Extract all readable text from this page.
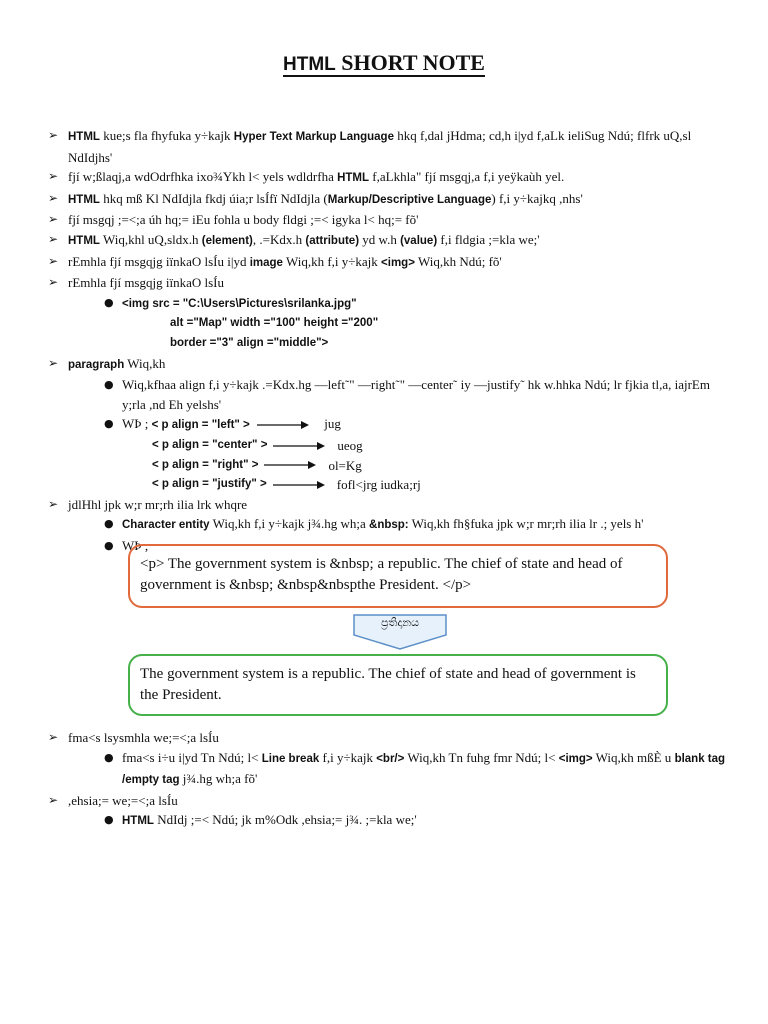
HTML SHORT NOTE
➢ HTML kue;s fla fhyfuka y÷kajk Hyper Text Markup Language hkq f,dal jHdma; cd,h i|yd f,aLk ieliSug Ndú; flfrk uQ,sl NdIdjhs'
➢ fjí w;ßlaqj,a wdOdrfhka ixo¾Ykh l< yels wdldrfha HTML f,aLkhla" fjí msgqj,a f,i yeÿkaùh yel.
➢ HTML hkq mß Kl NdIdjla fkdj úia;r lsÍfï NdIdjla (Markup/Descriptive Language) f,i y÷kajkq ,nhs'
➢ fjí msgqj ;=<;a úh hq;= iEu fohla u body fldgi ;=< igyka l< hq;= fõ'
➢ HTML Wiq,khl uQ,sldx.h (element), .=Kdx.h (attribute) yd w.h (value) f,i fldgia ;=kla we;'
➢ rEmhla fjí msgqjg iïnkaO lsÍu i|yd image Wiq,kh f,i y÷kajk <img> Wiq,kh Ndú; fõ'
➢ rEmhla fjí msgqjg iïnkaO lsÍu
● <img src = "C:\Users\Pictures\srilanka.jpg"
alt ="Map" width ="100" height ="200"
border ="3" align ="middle">
➢ paragraph Wiq,kh
● Wiq,kfhaa align f,i y÷kajk .=Kdx.hg ―left˜" ―right˜" ―center˜ iy ―justify˜ hk w.hhka Ndú; lr fjkia tl,a, iajrEm y;rla ,nd Eh yelshs'
● WÞ ; < p align = "left" >	jug
< p align = "center" >	ueog
< p align = "right" >	ol=Kg
< p align = "justify" >	fofl<jrg iudka;rj
➢ jdlHhl jpk w;r mr;rh ilia lrk whqre
● Character entity Wiq,kh f,i y÷kajk j¾.hg wh;a &nbsp: Wiq,kh fh§fuka jpk w;r mr;rh ilia lr .; yels h'
● WÞ ;
<p> The government system is &nbsp; a republic. The chief of state and head of government is &nbsp; &nbsp&nbspthe President. </p>
ප්‍රතිදානය
The government system is a republic. The chief of state and head of government is the President.
➢ fma<s lsysmhla we;=<;a lsÍu
● fma<s i÷u i|yd Tn Ndú; l< Line break f,i y÷kajk <br/> Wiq,kh Tn fuhg fmr Ndú; l< <img> Wiq,kh mßÈ u blank tag /empty tag j¾.hg wh;a fõ'
➢ ,ehsia;= we;=<;a lsÍu
● HTML NdIdj ;=< Ndú; jk m%Odk ,ehsia;= j¾. ;=kla we;'
